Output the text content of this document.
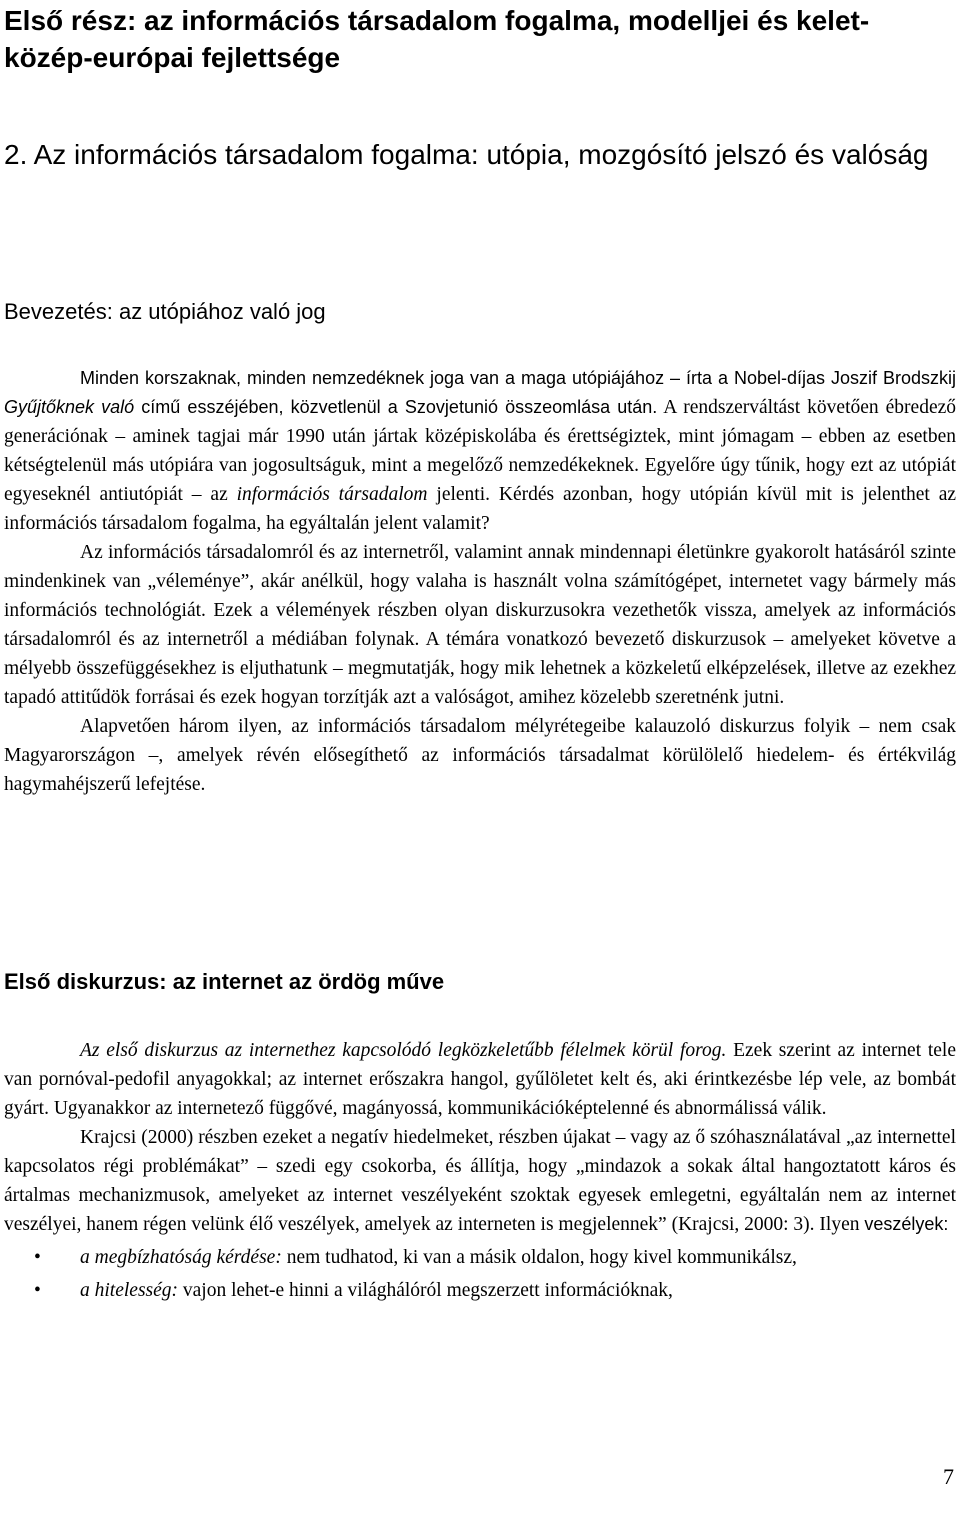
Első rész: az információs társadalom fogalma, modelljei és kelet-közép-európai fejlettsége
2. Az információs társadalom fogalma: utópia, mozgósító jelszó és valóság
Bevezetés: az utópiához való jog

Minden korszaknak, minden nemzedéknek joga van a maga utópiájához – írta a Nobel-díjas Joszif Brodszkij Gyűjtőknek való című esszéjében, közvetlenül a Szovjetunió összeomlása után. A rendszerváltást követően ébredező generációnak – aminek tagjai már 1990 után jártak középiskolába és érettségiztek, mint jómagam – ebben az esetben kétségtelenül más utópiára van jogosultságuk, mint a megelőző nemzedékeknek. Egyelőre úgy tűnik, hogy ezt az utópiát egyeseknél antiutópiát – az információs társadalom jelenti. Kérdés azonban, hogy utópián kívül mit is jelenthet az információs társadalom fogalma, ha egyáltalán jelent valamit?

Az információs társadalomról és az internetről, valamint annak mindennapi életünkre gyakorolt hatásáról szinte mindenkinek van „véleménye”, akár anélkül, hogy valaha is használt volna számítógépet, internetet vagy bármely más információs technológiát. Ezek a vélemények részben olyan diskurzusokra vezethetők vissza, amelyek az információs társadalomról és az internetről a médiában folynak. A témára vonatkozó bevezető diskurzusok – amelyeket követve a mélyebb összefüggésekhez is eljuthatunk – megmutatják, hogy mik lehetnek a közkeletű elképzelések, illetve az ezekhez tapadó attitűdök forrásai és ezek hogyan torzítják azt a valóságot, amihez közelebb szeretnénk jutni.

Alapvetően három ilyen, az információs társadalom mélyrétegeibe kalauzoló diskurzus folyik – nem csak Magyarországon –, amelyek révén elősegíthető az információs társadalmat körülölelő hiedelem- és értékvilág hagymahéjszerű lefejtése.

Első diskurzus: az internet az ördög műve

Az első diskurzus az internethez kapcsolódó legközkeletűbb félelmek körül forog. Ezek szerint az internet tele van pornóval-pedofil anyagokkal; az internet erőszakra hangol, gyűlöletet kelt és, aki érintkezésbe lép vele, az bombát gyárt. Ugyanakkor az internetező függővé, magányossá, kommunikációképtelenné és abnormálissá válik.

Krajcsi (2000) részben ezeket a negatív hiedelmeket, részben újakat – vagy az ő szóhasználatával „az internettel kapcsolatos régi problémákat” – szedi egy csokorba, és állítja, hogy „mindazok a sokak által hangoztatott káros és ártalmas mechanizmusok, amelyeket az internet veszélyeként szoktak egyesek emlegetni, egyáltalán nem az internet veszélyei, hanem régen velünk élő veszélyek, amelyek az interneten is megjelennek” (Krajcsi, 2000: 3). Ilyen veszélyek:

• a megbízhatóság kérdése: nem tudhatod, ki van a másik oldalon, hogy kivel kommunikálsz,

• a hitelesség: vajon lehet-e hinni a világhálóról megszerzett információknak,

7
